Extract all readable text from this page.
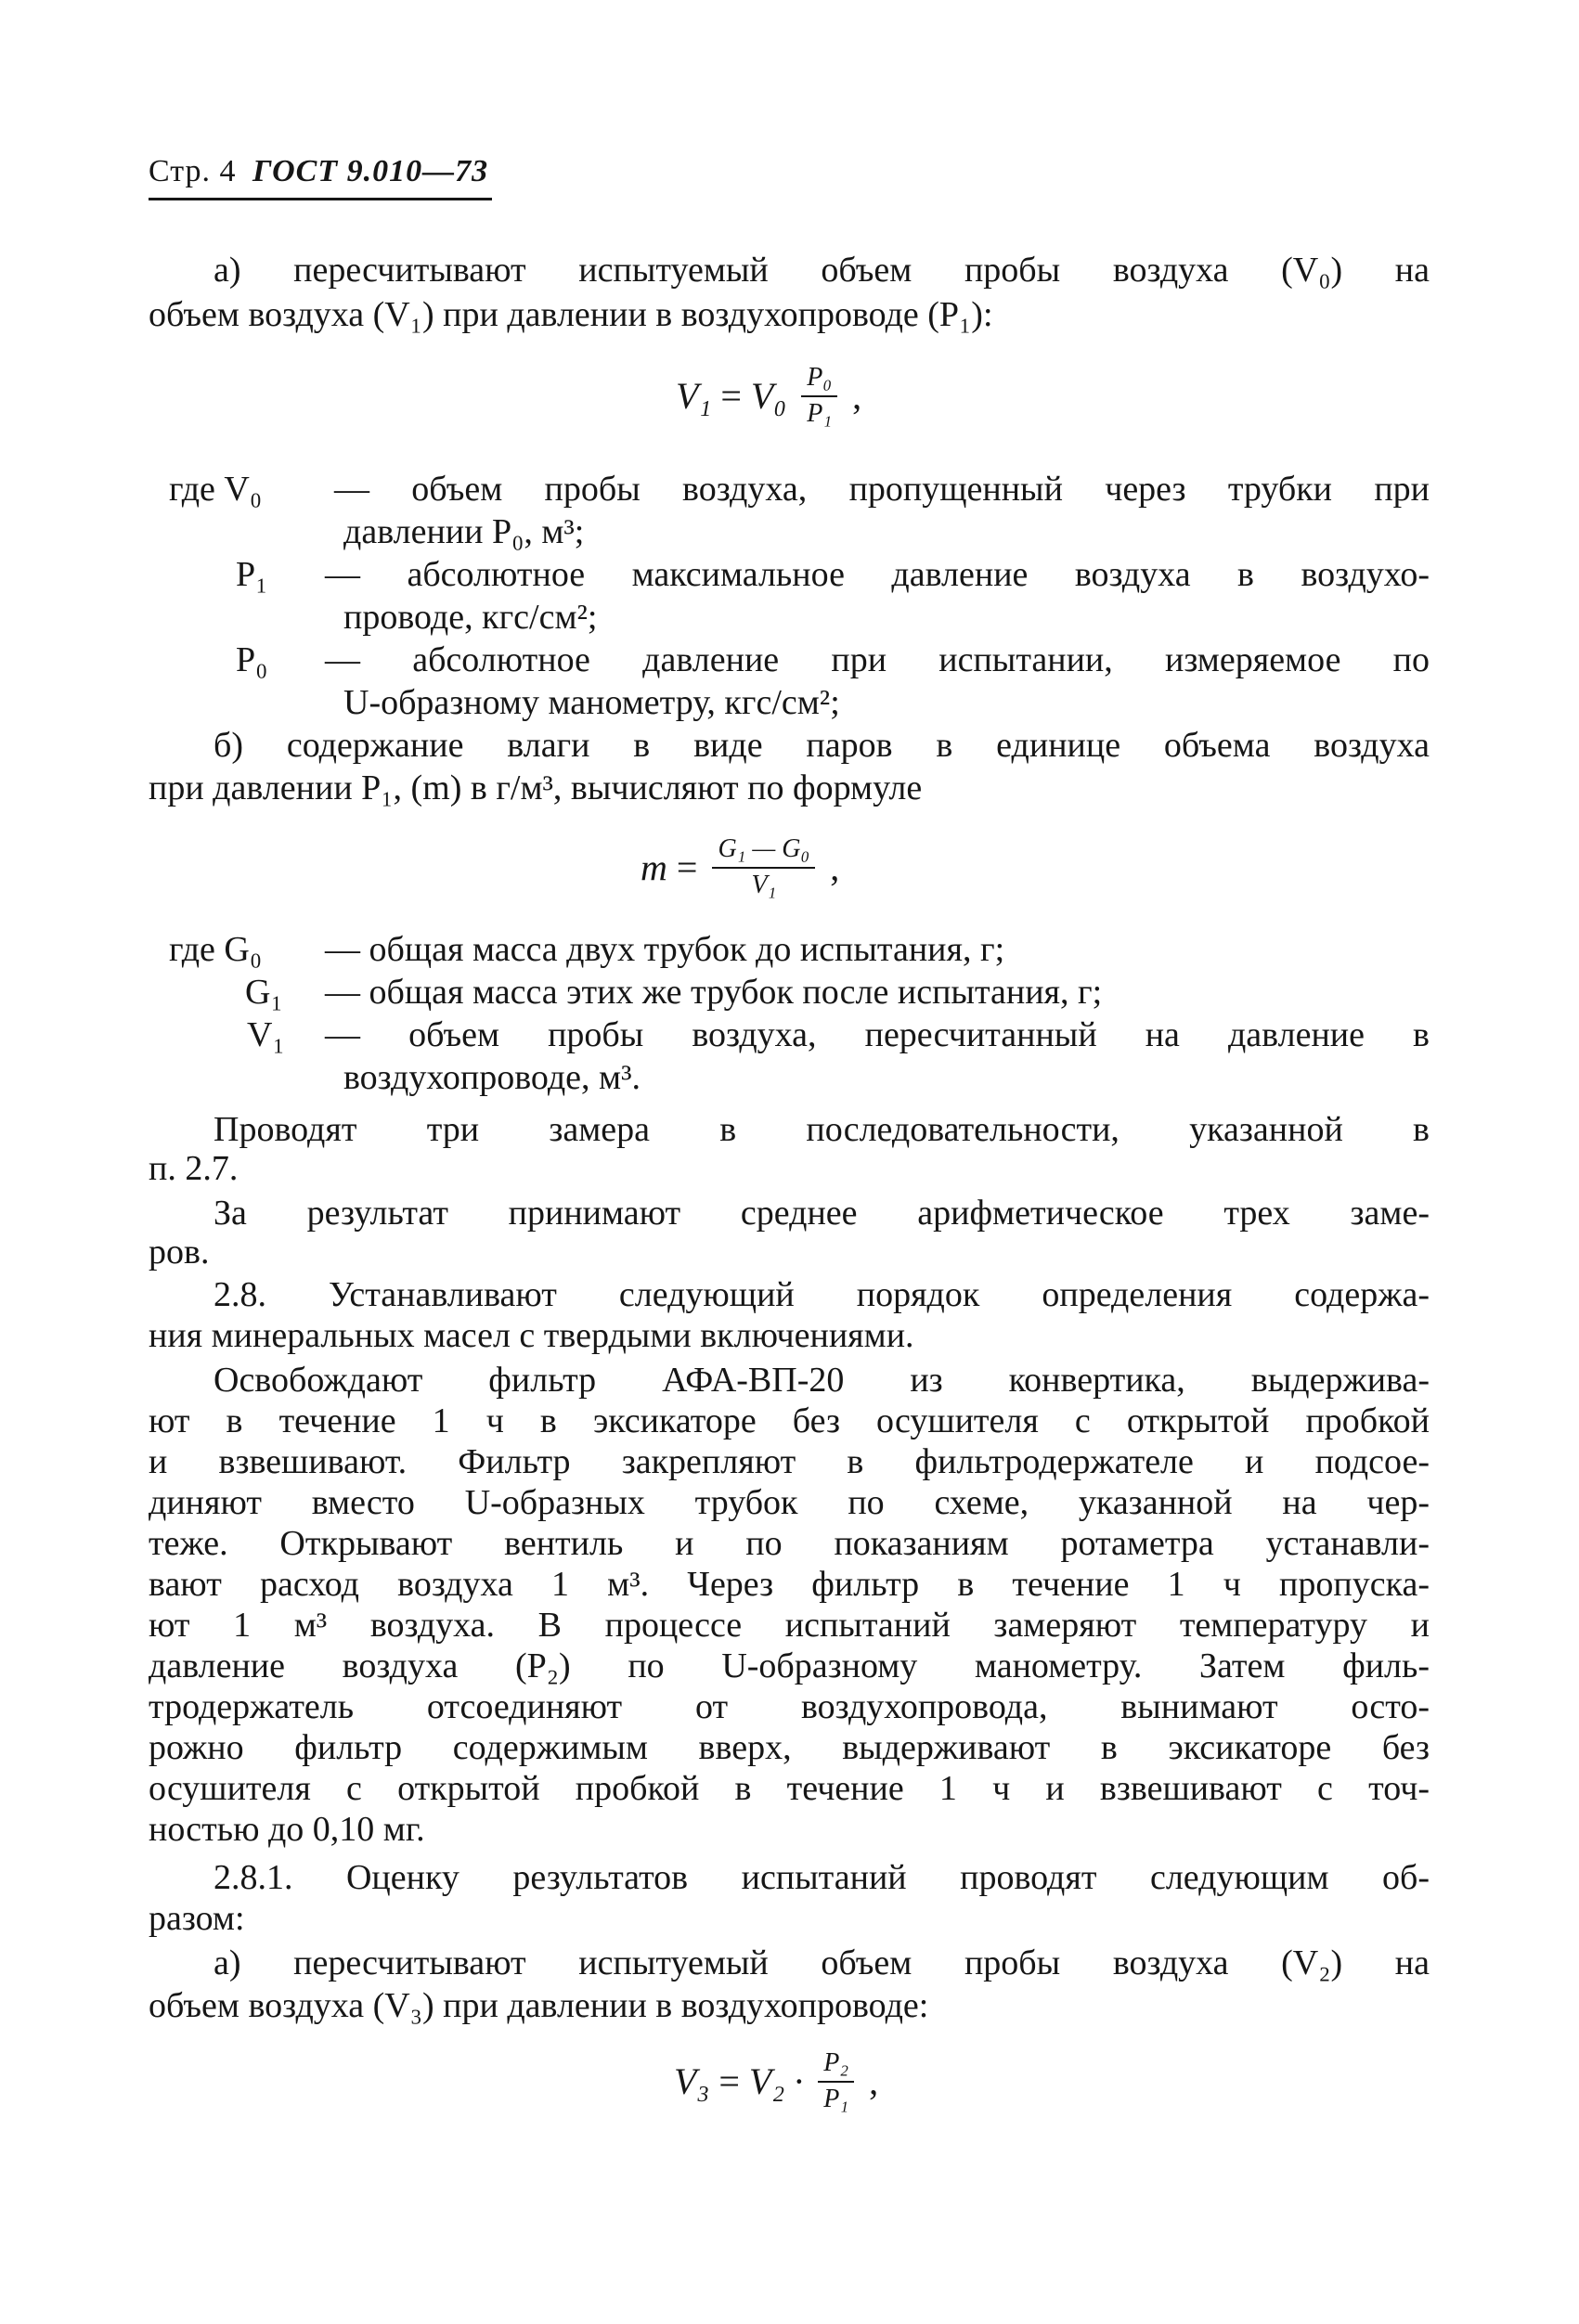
Стр. 4 ГОСТ 9.010—73
а) пересчитывают испытуемый объем пробы воздуха (V₀) на
объем воздуха (V₁) при давлении в воздухопроводе (P₁):
$V_1 = V_0 \frac{\text{P₀}}{\text{P₁}}$ ,
где V₀ — объем пробы воздуха, пропущенный через трубки при
давлении P₀, м³;
P₁ — абсолютное максимальное давление воздуха в воздухо-
проводе, кгс/см²;
P₀ — абсолютное давление при испытании, измеряемое по
U-образному манометру, кгс/см²;
б) содержание влаги в виде паров в единице объема воздуха
при давлении P₁, (m) в г/м³, вычисляют по формуле
$m = \frac{\text{G₁ — G₀}}{\text{V₁}}$ ,
где G₀ — общая масса двух трубок до испытания, г;
G₁ — общая масса этих же трубок после испытания, г;
V₁ — объем пробы воздуха, пересчитанный на давление в
воздухопроводе, м³.
Проводят три замера в последовательности, указанной в
п. 2.7.
За результат принимают среднее арифметическое трех заме-
ров.
2.8. Устанавливают следующий порядок определения содержа-
ния минеральных масел с твердыми включениями.
Освобождают фильтр АФА-ВП-20 из конвертика, выдержива-
ют в течение 1 ч в эксикаторе без осушителя с открытой пробкой
и взвешивают. Фильтр закрепляют в фильтродержателе и подсое-
диняют вместо U-образных трубок по схеме, указанной на чер-
теже. Открывают вентиль и по показаниям ротаметра устанавли-
вают расход воздуха 1 м³. Через фильтр в течение 1 ч пропуска-
ют 1 м³ воздуха. В процессе испытаний замеряют температуру и
давление воздуха (P₂) по U-образному манометру. Затем филь-
тродержатель отсоединяют от воздухопровода, вынимают осто-
рожно фильтр содержимым вверх, выдерживают в эксикаторе без
осушителя с открытой пробкой в течение 1 ч и взвешивают с точ-
ностью до 0,10 мг.
2.8.1. Оценку результатов испытаний проводят следующим об-
разом:
а) пересчитывают испытуемый объем пробы воздуха (V₂) на
объем воздуха (V₃) при давлении в воздухопроводе:
$V_3 = V_2 \cdot \frac{\text{P₂}}{\text{P₁}}$ ,
